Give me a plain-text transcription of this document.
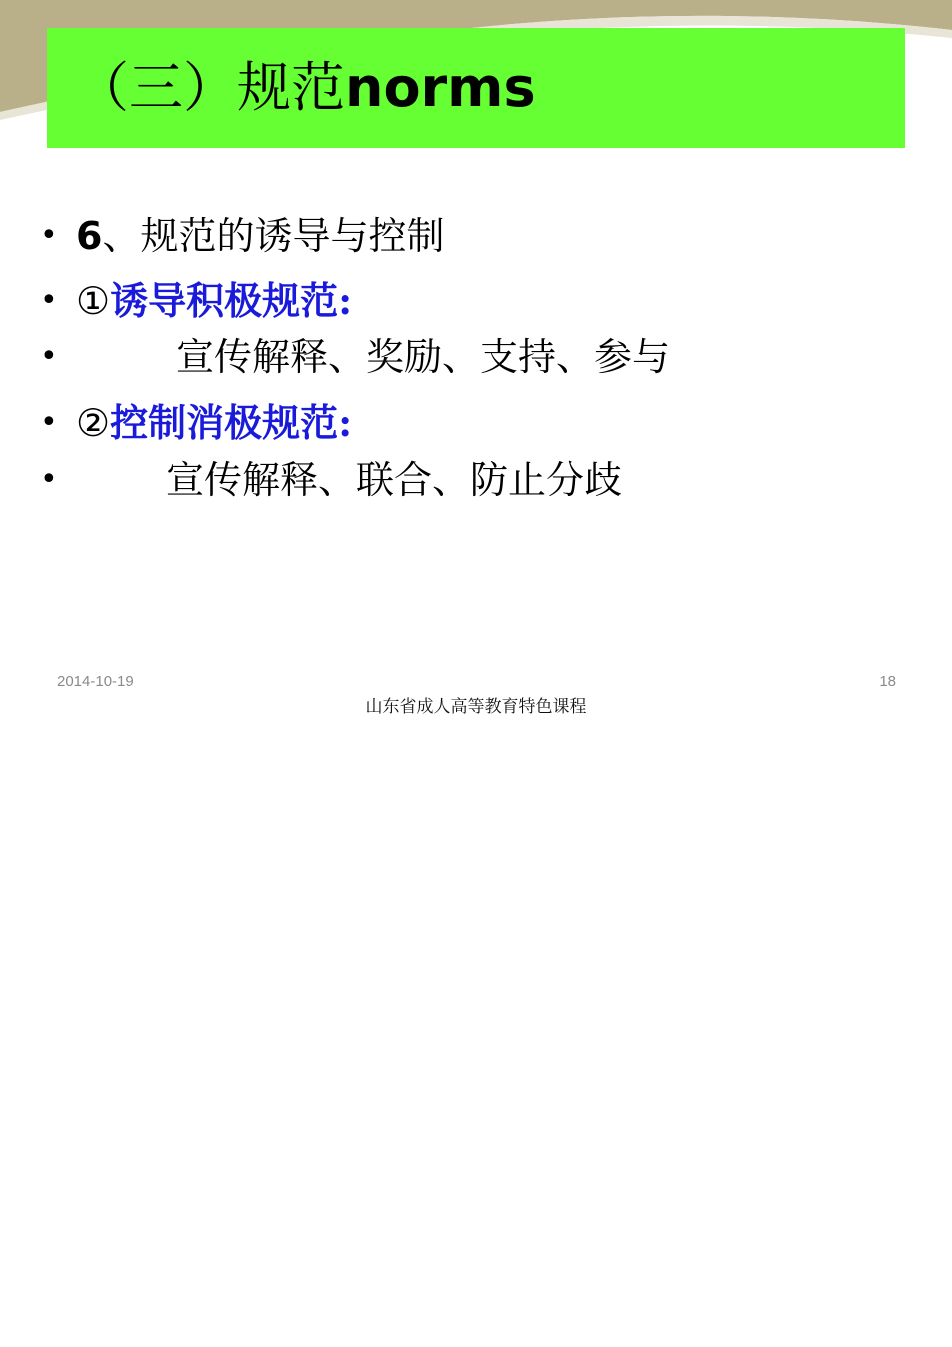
（三）规范norms
• 6、规范的诱导与控制
• ①诱导积极规范:
•	宣传解释、奖励、支持、参与
• ②控制消极规范:
•	宣传解释、联合、防止分歧
2014-10-19	18
山东省成人高等教育特色课程
